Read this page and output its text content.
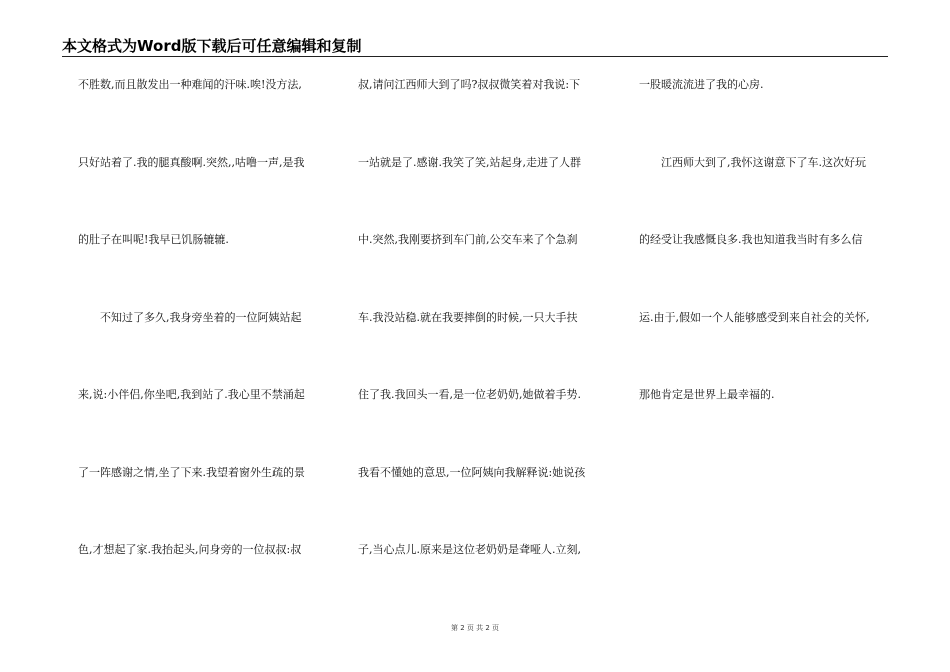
本文格式为Word版下载后可任意编辑和复制
不胜数,而且散发出一种难闻的汗味.唉!没方法,
只好站着了.我的腿真酸啊.突然,,咕噜一声,是我
的肚子在叫呢!我早已饥肠辘辘.
不知过了多久,我身旁坐着的一位阿姨站起
来,说:小伴侣,你坐吧,我到站了.我心里不禁涌起
了一阵感谢之情,坐了下来.我望着窗外生疏的景
色,才想起了家.我抬起头,问身旁的一位叔叔:叔
叔,请问江西师大到了吗?叔叔微笑着对我说:下
一站就是了.感谢.我笑了笑,站起身,走进了人群
中.突然,我刚要挤到车门前,公交车来了个急刹
车.我没站稳.就在我要摔倒的时候,一只大手扶
住了我.我回头一看,是一位老奶奶,她做着手势.
我看不懂她的意思,一位阿姨向我解释说:她说孩
子,当心点儿.原来是这位老奶奶是聋哑人.立刻,
一股暖流流进了我的心房.
江西师大到了,我怀这谢意下了车.这次好玩
的经受让我感慨良多.我也知道我当时有多么信
运.由于,假如一个人能够感受到来自社会的关怀,
那他肯定是世界上最幸福的.
第 2 页 共 2 页
